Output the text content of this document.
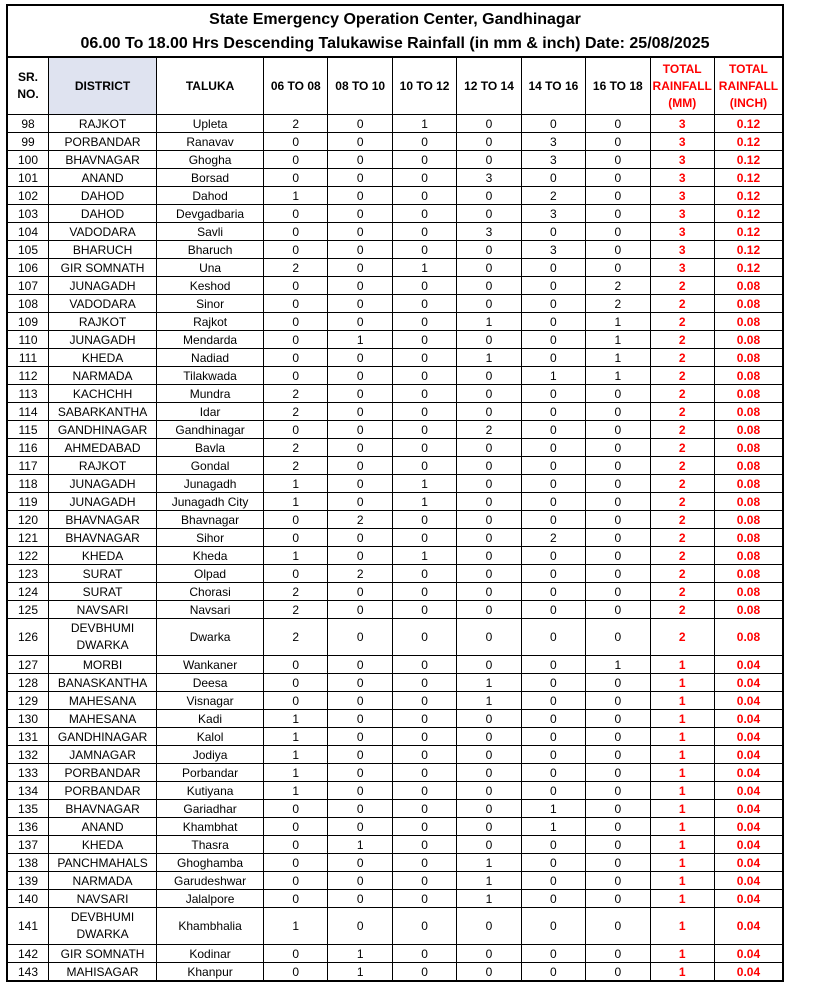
State Emergency Operation Center, Gandhinagar
06.00 To 18.00 Hrs Descending Talukawise Rainfall (in mm & inch) Date: 25/08/2025
SR. NO.	DISTRICT	TALUKA	06 TO 08	08 TO 10	10 TO 12	12 TO 14	14 TO 16	16 TO 18	TOTAL RAINFALL (MM)	TOTAL RAINFALL (INCH)
98	RAJKOT	Upleta	2	0	1	0	0	0	3	0.12
99	PORBANDAR	Ranavav	0	0	0	0	3	0	3	0.12
100	BHAVNAGAR	Ghogha	0	0	0	0	3	0	3	0.12
101	ANAND	Borsad	0	0	0	3	0	0	3	0.12
102	DAHOD	Dahod	1	0	0	0	2	0	3	0.12
103	DAHOD	Devgadbaria	0	0	0	0	3	0	3	0.12
104	VADODARA	Savli	0	0	0	3	0	0	3	0.12
105	BHARUCH	Bharuch	0	0	0	0	3	0	3	0.12
106	GIR SOMNATH	Una	2	0	1	0	0	0	3	0.12
107	JUNAGADH	Keshod	0	0	0	0	0	2	2	0.08
108	VADODARA	Sinor	0	0	0	0	0	2	2	0.08
109	RAJKOT	Rajkot	0	0	0	1	0	1	2	0.08
110	JUNAGADH	Mendarda	0	1	0	0	0	1	2	0.08
111	KHEDA	Nadiad	0	0	0	1	0	1	2	0.08
112	NARMADA	Tilakwada	0	0	0	0	1	1	2	0.08
113	KACHCHH	Mundra	2	0	0	0	0	0	2	0.08
114	SABARKANTHA	Idar	2	0	0	0	0	0	2	0.08
115	GANDHINAGAR	Gandhinagar	0	0	0	2	0	0	2	0.08
116	AHMEDABAD	Bavla	2	0	0	0	0	0	2	0.08
117	RAJKOT	Gondal	2	0	0	0	0	0	2	0.08
118	JUNAGADH	Junagadh	1	0	1	0	0	0	2	0.08
119	JUNAGADH	Junagadh City	1	0	1	0	0	0	2	0.08
120	BHAVNAGAR	Bhavnagar	0	2	0	0	0	0	2	0.08
121	BHAVNAGAR	Sihor	0	0	0	0	2	0	2	0.08
122	KHEDA	Kheda	1	0	1	0	0	0	2	0.08
123	SURAT	Olpad	0	2	0	0	0	0	2	0.08
124	SURAT	Chorasi	2	0	0	0	0	0	2	0.08
125	NAVSARI	Navsari	2	0	0	0	0	0	2	0.08
126	DEVBHUMI DWARKA	Dwarka	2	0	0	0	0	0	2	0.08
127	MORBI	Wankaner	0	0	0	0	0	1	1	0.04
128	BANASKANTHA	Deesa	0	0	0	1	0	0	1	0.04
129	MAHESANA	Visnagar	0	0	0	1	0	0	1	0.04
130	MAHESANA	Kadi	1	0	0	0	0	0	1	0.04
131	GANDHINAGAR	Kalol	1	0	0	0	0	0	1	0.04
132	JAMNAGAR	Jodiya	1	0	0	0	0	0	1	0.04
133	PORBANDAR	Porbandar	1	0	0	0	0	0	1	0.04
134	PORBANDAR	Kutiyana	1	0	0	0	0	0	1	0.04
135	BHAVNAGAR	Gariadhar	0	0	0	0	1	0	1	0.04
136	ANAND	Khambhat	0	0	0	0	1	0	1	0.04
137	KHEDA	Thasra	0	1	0	0	0	0	1	0.04
138	PANCHMAHALS	Ghoghamba	0	0	0	1	0	0	1	0.04
139	NARMADA	Garudeshwar	0	0	0	1	0	0	1	0.04
140	NAVSARI	Jalalpore	0	0	0	1	0	0	1	0.04
141	DEVBHUMI DWARKA	Khambhalia	1	0	0	0	0	0	1	0.04
142	GIR SOMNATH	Kodinar	0	1	0	0	0	0	1	0.04
143	MAHISAGAR	Khanpur	0	1	0	0	0	0	1	0.04
